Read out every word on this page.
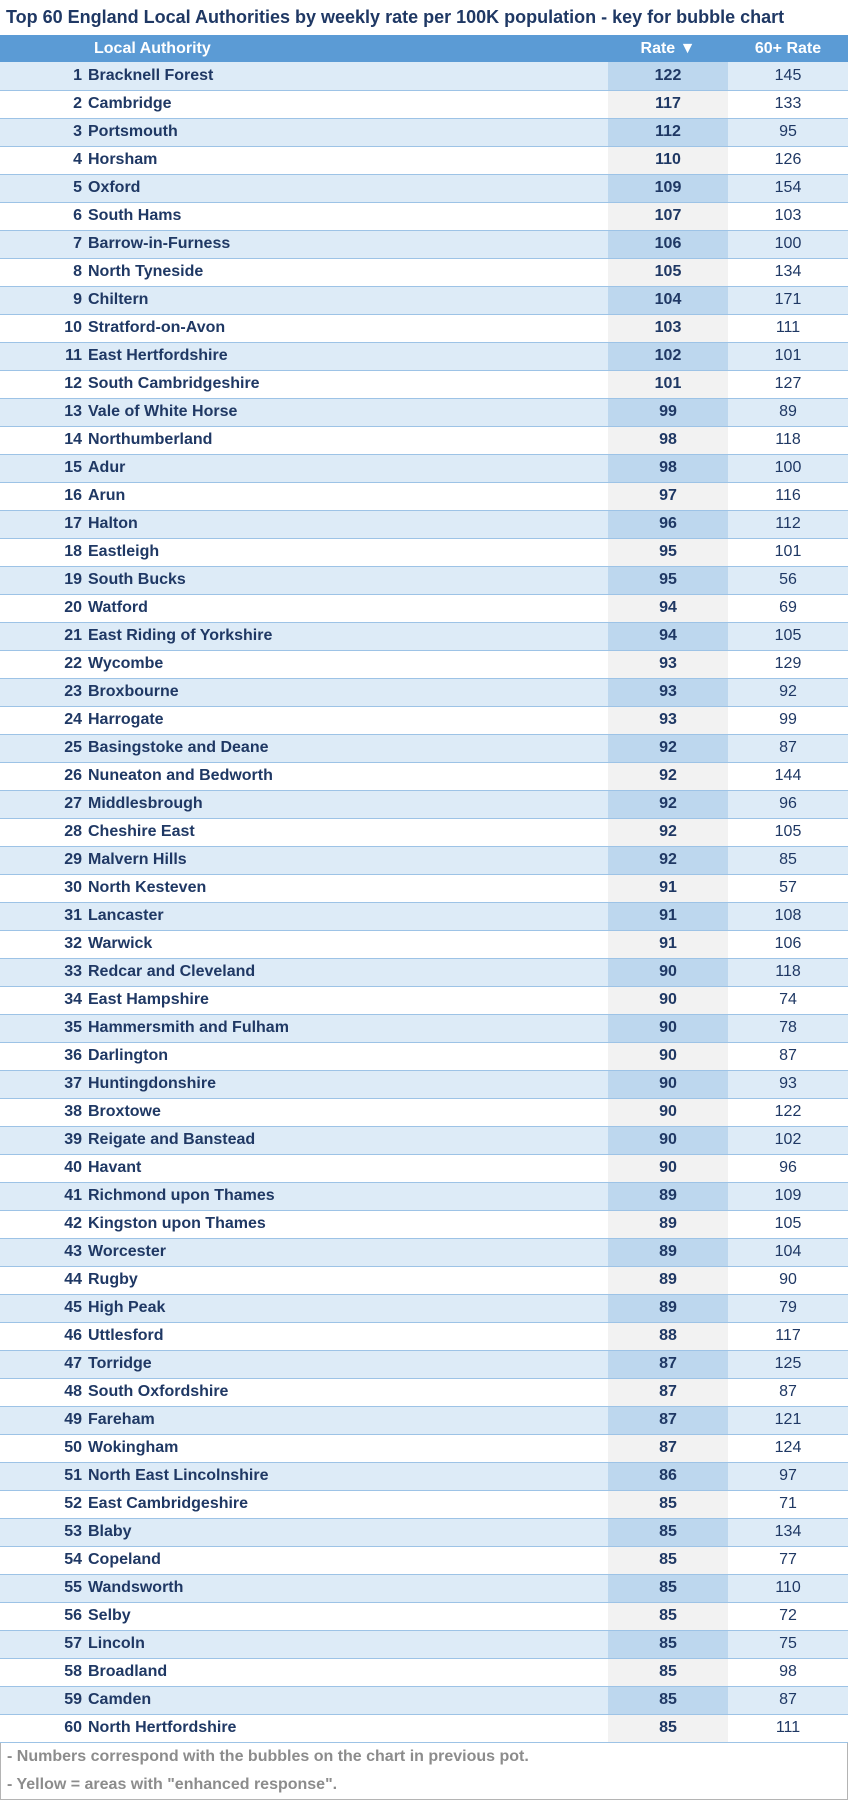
Top 60 England Local Authorities by weekly rate per 100K population - key for bubble chart
	Local Authority	Rate ▼	60+ Rate
1	Bracknell Forest	122	145
2	Cambridge	117	133
3	Portsmouth	112	95
4	Horsham	110	126
5	Oxford	109	154
6	South Hams	107	103
7	Barrow-in-Furness	106	100
8	North Tyneside	105	134
9	Chiltern	104	171
10	Stratford-on-Avon	103	111
11	East Hertfordshire	102	101
12	South Cambridgeshire	101	127
13	Vale of White Horse	99	89
14	Northumberland	98	118
15	Adur	98	100
16	Arun	97	116
17	Halton	96	112
18	Eastleigh	95	101
19	South Bucks	95	56
20	Watford	94	69
21	East Riding of Yorkshire	94	105
22	Wycombe	93	129
23	Broxbourne	93	92
24	Harrogate	93	99
25	Basingstoke and Deane	92	87
26	Nuneaton and Bedworth	92	144
27	Middlesbrough	92	96
28	Cheshire East	92	105
29	Malvern Hills	92	85
30	North Kesteven	91	57
31	Lancaster	91	108
32	Warwick	91	106
33	Redcar and Cleveland	90	118
34	East Hampshire	90	74
35	Hammersmith and Fulham	90	78
36	Darlington	90	87
37	Huntingdonshire	90	93
38	Broxtowe	90	122
39	Reigate and Banstead	90	102
40	Havant	90	96
41	Richmond upon Thames	89	109
42	Kingston upon Thames	89	105
43	Worcester	89	104
44	Rugby	89	90
45	High Peak	89	79
46	Uttlesford	88	117
47	Torridge	87	125
48	South Oxfordshire	87	87
49	Fareham	87	121
50	Wokingham	87	124
51	North East Lincolnshire	86	97
52	East Cambridgeshire	85	71
53	Blaby	85	134
54	Copeland	85	77
55	Wandsworth	85	110
56	Selby	85	72
57	Lincoln	85	75
58	Broadland	85	98
59	Camden	85	87
60	North Hertfordshire	85	111
- Numbers correspond with the bubbles on the chart in previous pot.
- Yellow = areas with "enhanced response".
